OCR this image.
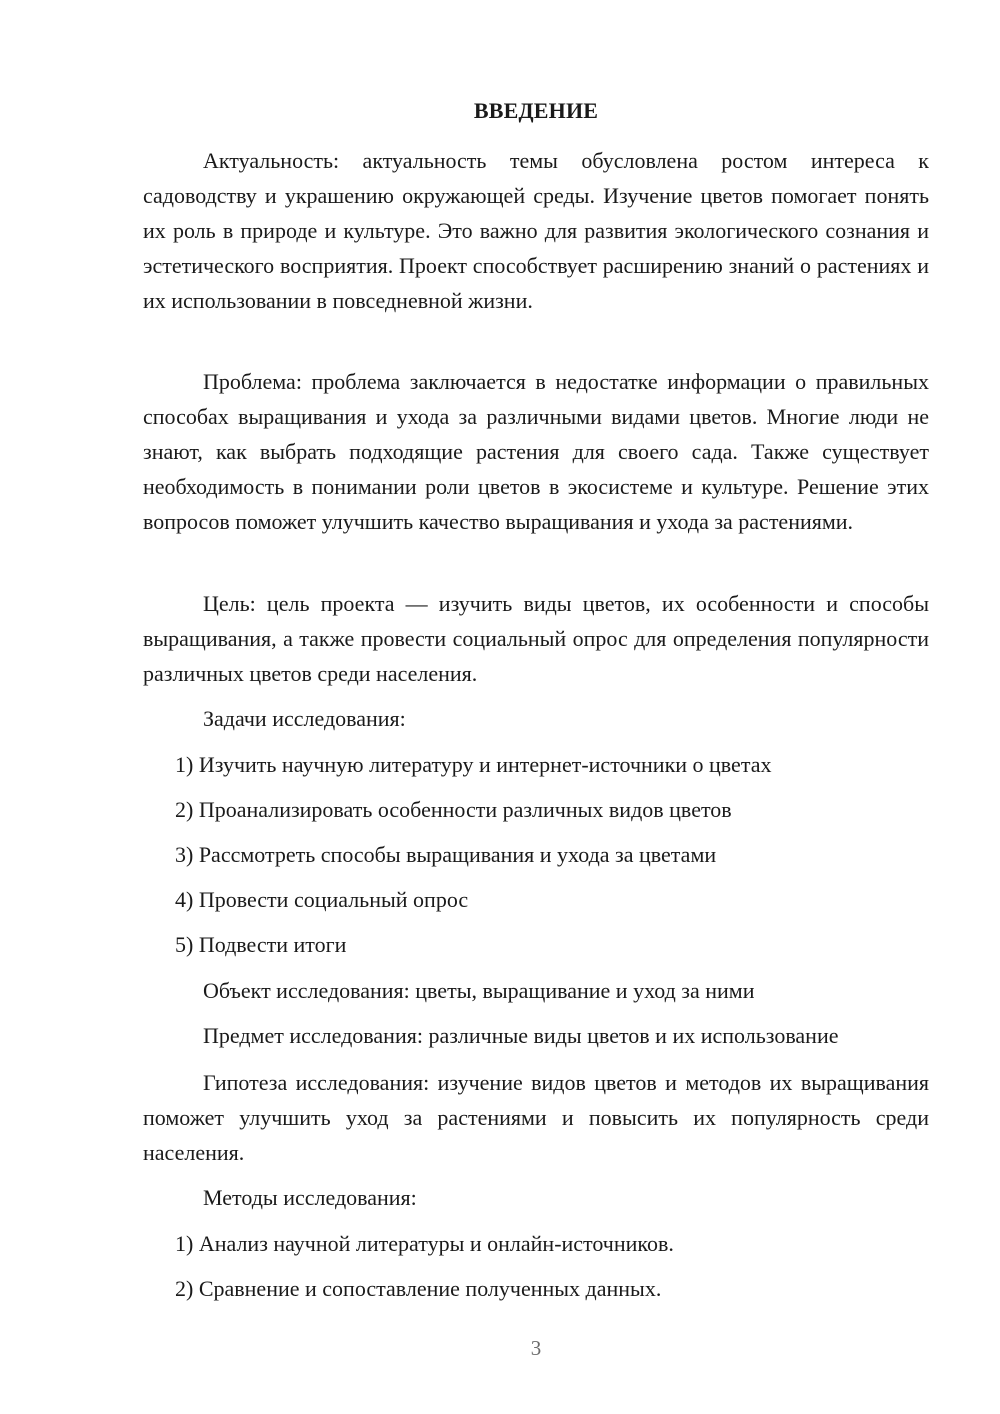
ВВЕДЕНИЕ

Актуальность: актуальность темы обусловлена ростом интереса к садоводству и украшению окружающей среды. Изучение цветов помогает понять их роль в природе и культуре. Это важно для развития экологического сознания и эстетического восприятия. Проект способствует расширению знаний о растениях и их использовании в повседневной жизни.

Проблема: проблема заключается в недостатке информации о правильных способах выращивания и ухода за различными видами цветов. Многие люди не знают, как выбрать подходящие растения для своего сада. Также существует необходимость в понимании роли цветов в экосистеме и культуре. Решение этих вопросов поможет улучшить качество выращивания и ухода за растениями.

Цель: цель проекта — изучить виды цветов, их особенности и способы выращивания, а также провести социальный опрос для определения популярности различных цветов среди населения.

Задачи исследования:

1) Изучить научную литературу и интернет-источники о цветах

2) Проанализировать особенности различных видов цветов

3) Рассмотреть способы выращивания и ухода за цветами

4) Провести социальный опрос

5) Подвести итоги

Объект исследования: цветы, выращивание и уход за ними

Предмет исследования: различные виды цветов и их использование

Гипотеза исследования: изучение видов цветов и методов их выращивания поможет улучшить уход за растениями и повысить их популярность среди населения.

Методы исследования:

1) Анализ научной литературы и онлайн-источников.

2) Сравнение и сопоставление полученных данных.

3
